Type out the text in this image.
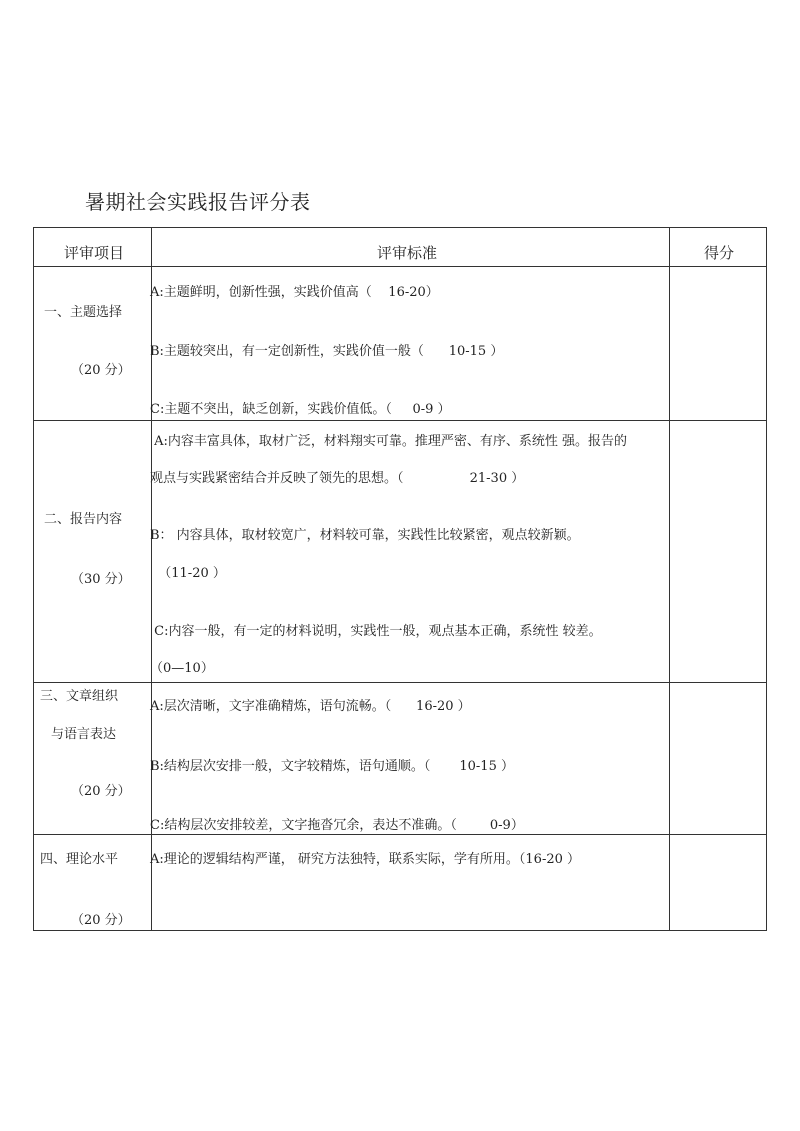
暑期社会实践报告评分表
评审项目	评审标准	得分
一、主题选择
（20 分）
A:主题鲜明，创新性强，实践价值高（    16-20）
B:主题较突出，有一定创新性，实践价值一般（      10-15 ）
C:主题不突出，缺乏创新，实践价值低。（     0-9 ）
二、报告内容
（30 分）
A:内容丰富具体，取材广泛，材料翔实可靠。推理严密、有序、系统性 强。报告的
观点与实践紧密结合并反映了领先的思想。（                21-30 ）
B： 内容具体，取材较宽广，材料较可靠，实践性比较紧密，观点较新颖。
（11-20 ）
C:内容一般，有一定的材料说明，实践性一般，观点基本正确，系统性 较差。
（0—10）
三、文章组织
与语言表达
（20 分）
A:层次清晰，文字准确精炼，语句流畅。（      16-20 ）
B:结构层次安排一般，文字较精炼，语句通顺。（       10-15 ）
C:结构层次安排较差，文字拖沓冗余，表达不准确。（        0-9）
四、理论水平
（20 分）
A:理论的逻辑结构严谨， 研究方法独特，联系实际，学有所用。（16-20 ）
